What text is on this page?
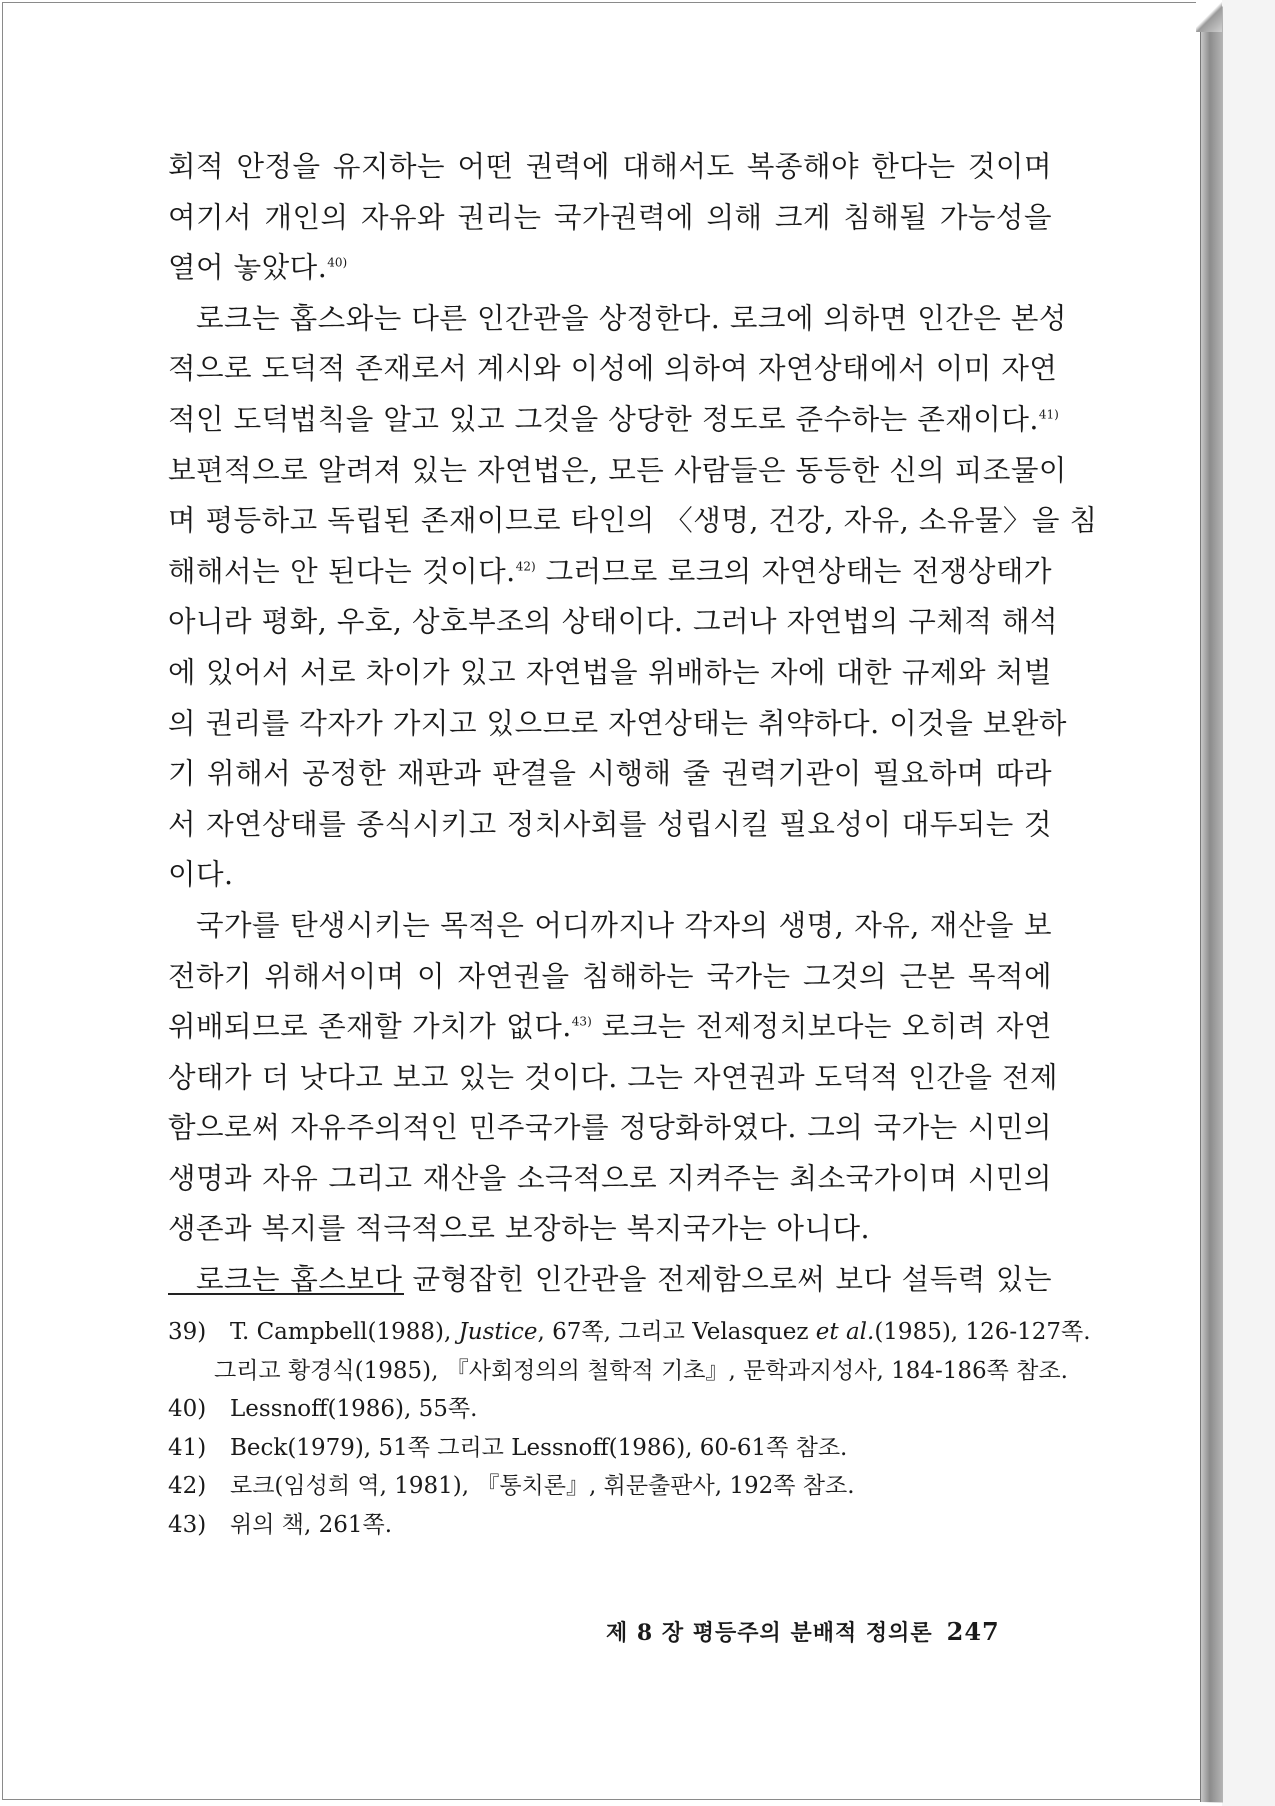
회적 안정을 유지하는 어떤 권력에 대해서도 복종해야 한다는 것이며
여기서 개인의 자유와 권리는 국가권력에 의해 크게 침해될 가능성을
열어 놓았다.$^{40)}$

로크는 홉스와는 다른 인간관을 상정한다. 로크에 의하면 인간은 본성
적으로 도덕적 존재로서 계시와 이성에 의하여 자연상태에서 이미 자연
적인 도덕법칙을 알고 있고 그것을 상당한 정도로 준수하는 존재이다.$^{41)}$
보편적으로 알려져 있는 자연법은, 모든 사람들은 동등한 신의 피조물이
며 평등하고 독립된 존재이므로 타인의 〈생명, 건강, 자유, 소유물〉을 침
해해서는 안 된다는 것이다.$^{42)}$ 그러므로 로크의 자연상태는 전쟁상태가
아니라 평화, 우호, 상호부조의 상태이다. 그러나 자연법의 구체적 해석
에 있어서 서로 차이가 있고 자연법을 위배하는 자에 대한 규제와 처벌
의 권리를 각자가 가지고 있으므로 자연상태는 취약하다. 이것을 보완하
기 위해서 공정한 재판과 판결을 시행해 줄 권력기관이 필요하며 따라
서 자연상태를 종식시키고 정치사회를 성립시킬 필요성이 대두되는 것
이다.

국가를 탄생시키는 목적은 어디까지나 각자의 생명, 자유, 재산을 보
전하기 위해서이며 이 자연권을 침해하는 국가는 그것의 근본 목적에
위배되므로 존재할 가치가 없다.$^{43)}$ 로크는 전제정치보다는 오히려 자연
상태가 더 낫다고 보고 있는 것이다. 그는 자연권과 도덕적 인간을 전제
함으로써 자유주의적인 민주국가를 정당화하였다. 그의 국가는 시민의
생명과 자유 그리고 재산을 소극적으로 지켜주는 최소국가이며 시민의
생존과 복지를 적극적으로 보장하는 복지국가는 아니다.

로크는 홉스보다 균형잡힌 인간관을 전제함으로써 보다 설득력 있는

39)	T. Campbell(1988), Justice, 67쪽, 그리고 Velasquez et al.(1985), 126-127쪽.
그리고 황경식(1985), 『사회정의의 철학적 기초』, 문학과지성사, 184-186쪽 참조.
40)	Lessnoff(1986), 55쪽.
41)	Beck(1979), 51쪽 그리고 Lessnoff(1986), 60-61쪽 참조.
42)	로크(임성희 역, 1981), 『통치론』, 휘문출판사, 192쪽 참조.
43)	위의 책, 261쪽.
제 8 장 평등주의 분배적 정의론 247
